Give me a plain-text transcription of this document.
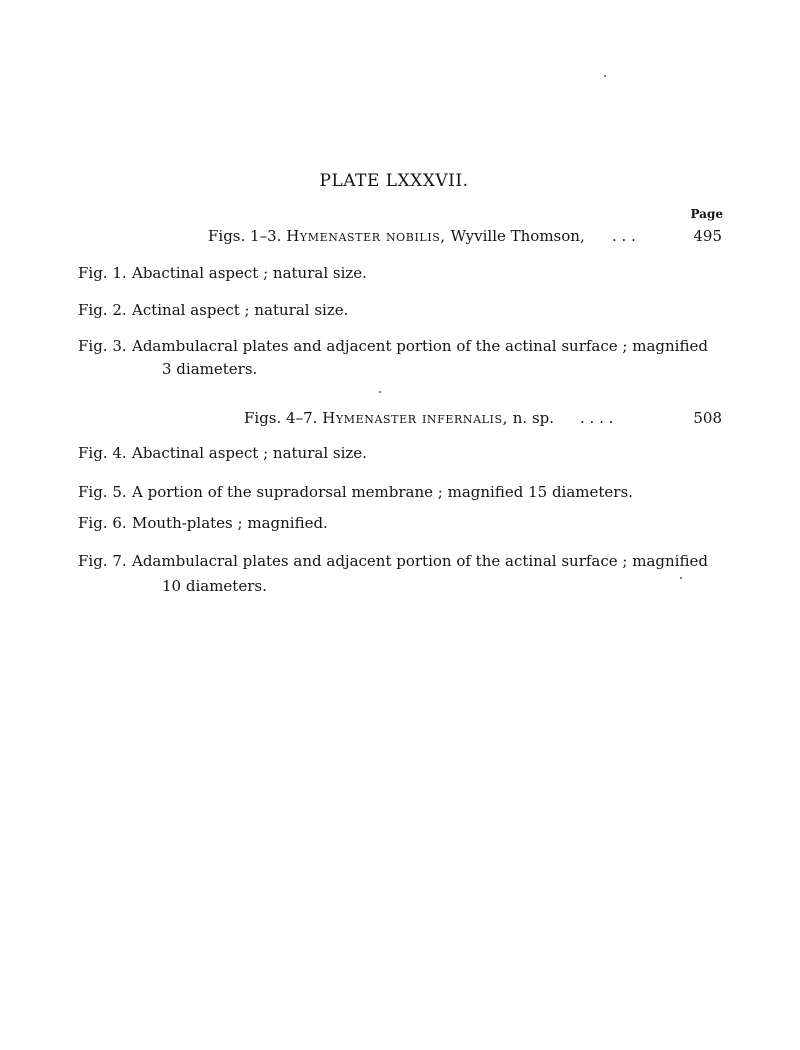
PLATE LXXXVII.
Page
Figs. 1–3. Hymenaster nobilis, Wyville Thomson, . . .	495
Fig. 1. Abactinal aspect ; natural size.
Fig. 2. Actinal aspect ; natural size.
Fig. 3. Adambulacral plates and adjacent portion of the actinal surface ; magnified
3 diameters.
Figs. 4–7. Hymenaster infernalis, n. sp. . . . .	508
Fig. 4. Abactinal aspect ; natural size.
Fig. 5. A portion of the supradorsal membrane ; magnified 15 diameters.
Fig. 6. Mouth-plates ; magnified.
Fig. 7. Adambulacral plates and adjacent portion of the actinal surface ; magnified
10 diameters.
